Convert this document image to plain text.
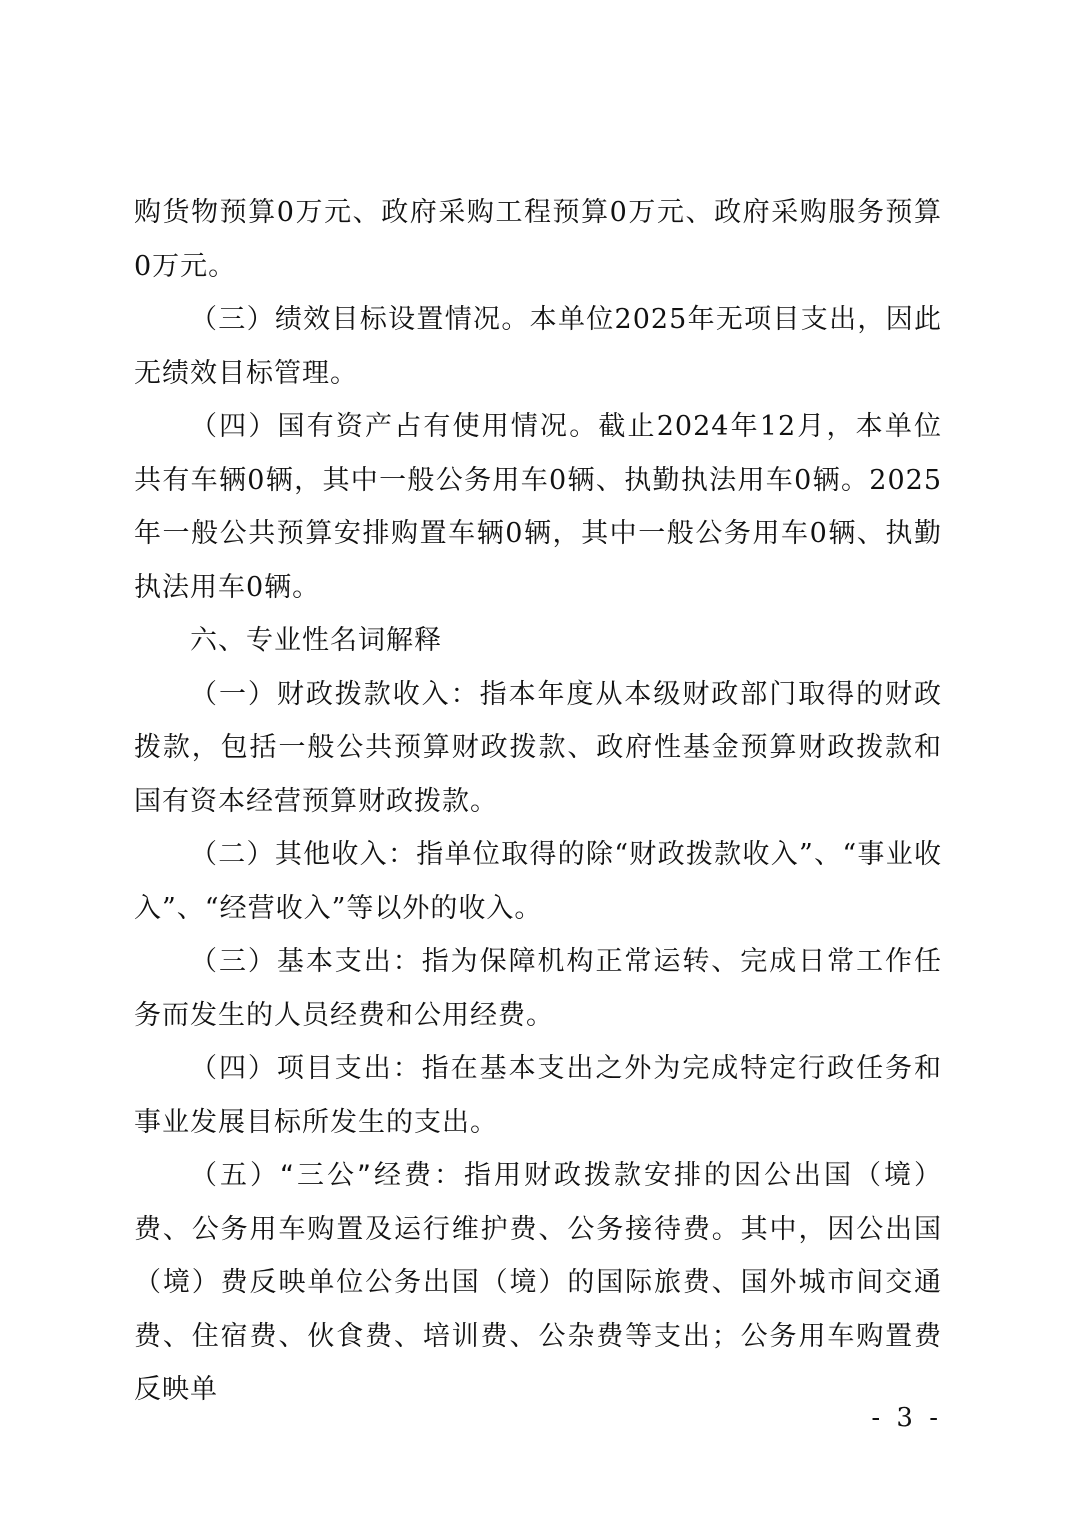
购货物预算0万元、政府采购工程预算0万元、政府采购服务预算0万元。

（三）绩效目标设置情况。本单位2025年无项目支出，因此无绩效目标管理。

（四）国有资产占有使用情况。截止2024年12月，本单位共有车辆0辆，其中一般公务用车0辆、执勤执法用车0辆。2025年一般公共预算安排购置车辆0辆，其中一般公务用车0辆、执勤执法用车0辆。

六、专业性名词解释

（一）财政拨款收入：指本年度从本级财政部门取得的财政拨款，包括一般公共预算财政拨款、政府性基金预算财政拨款和国有资本经营预算财政拨款。

（二）其他收入：指单位取得的除“财政拨款收入”、“事业收入”、“经营收入”等以外的收入。

（三）基本支出：指为保障机构正常运转、完成日常工作任务而发生的人员经费和公用经费。

（四）项目支出：指在基本支出之外为完成特定行政任务和事业发展目标所发生的支出。

（五）“三公”经费：指用财政拨款安排的因公出国（境）费、公务用车购置及运行维护费、公务接待费。其中，因公出国（境）费反映单位公务出国（境）的国际旅费、国外城市间交通费、住宿费、伙食费、培训费、公杂费等支出；公务用车购置费反映单

- 3 -
